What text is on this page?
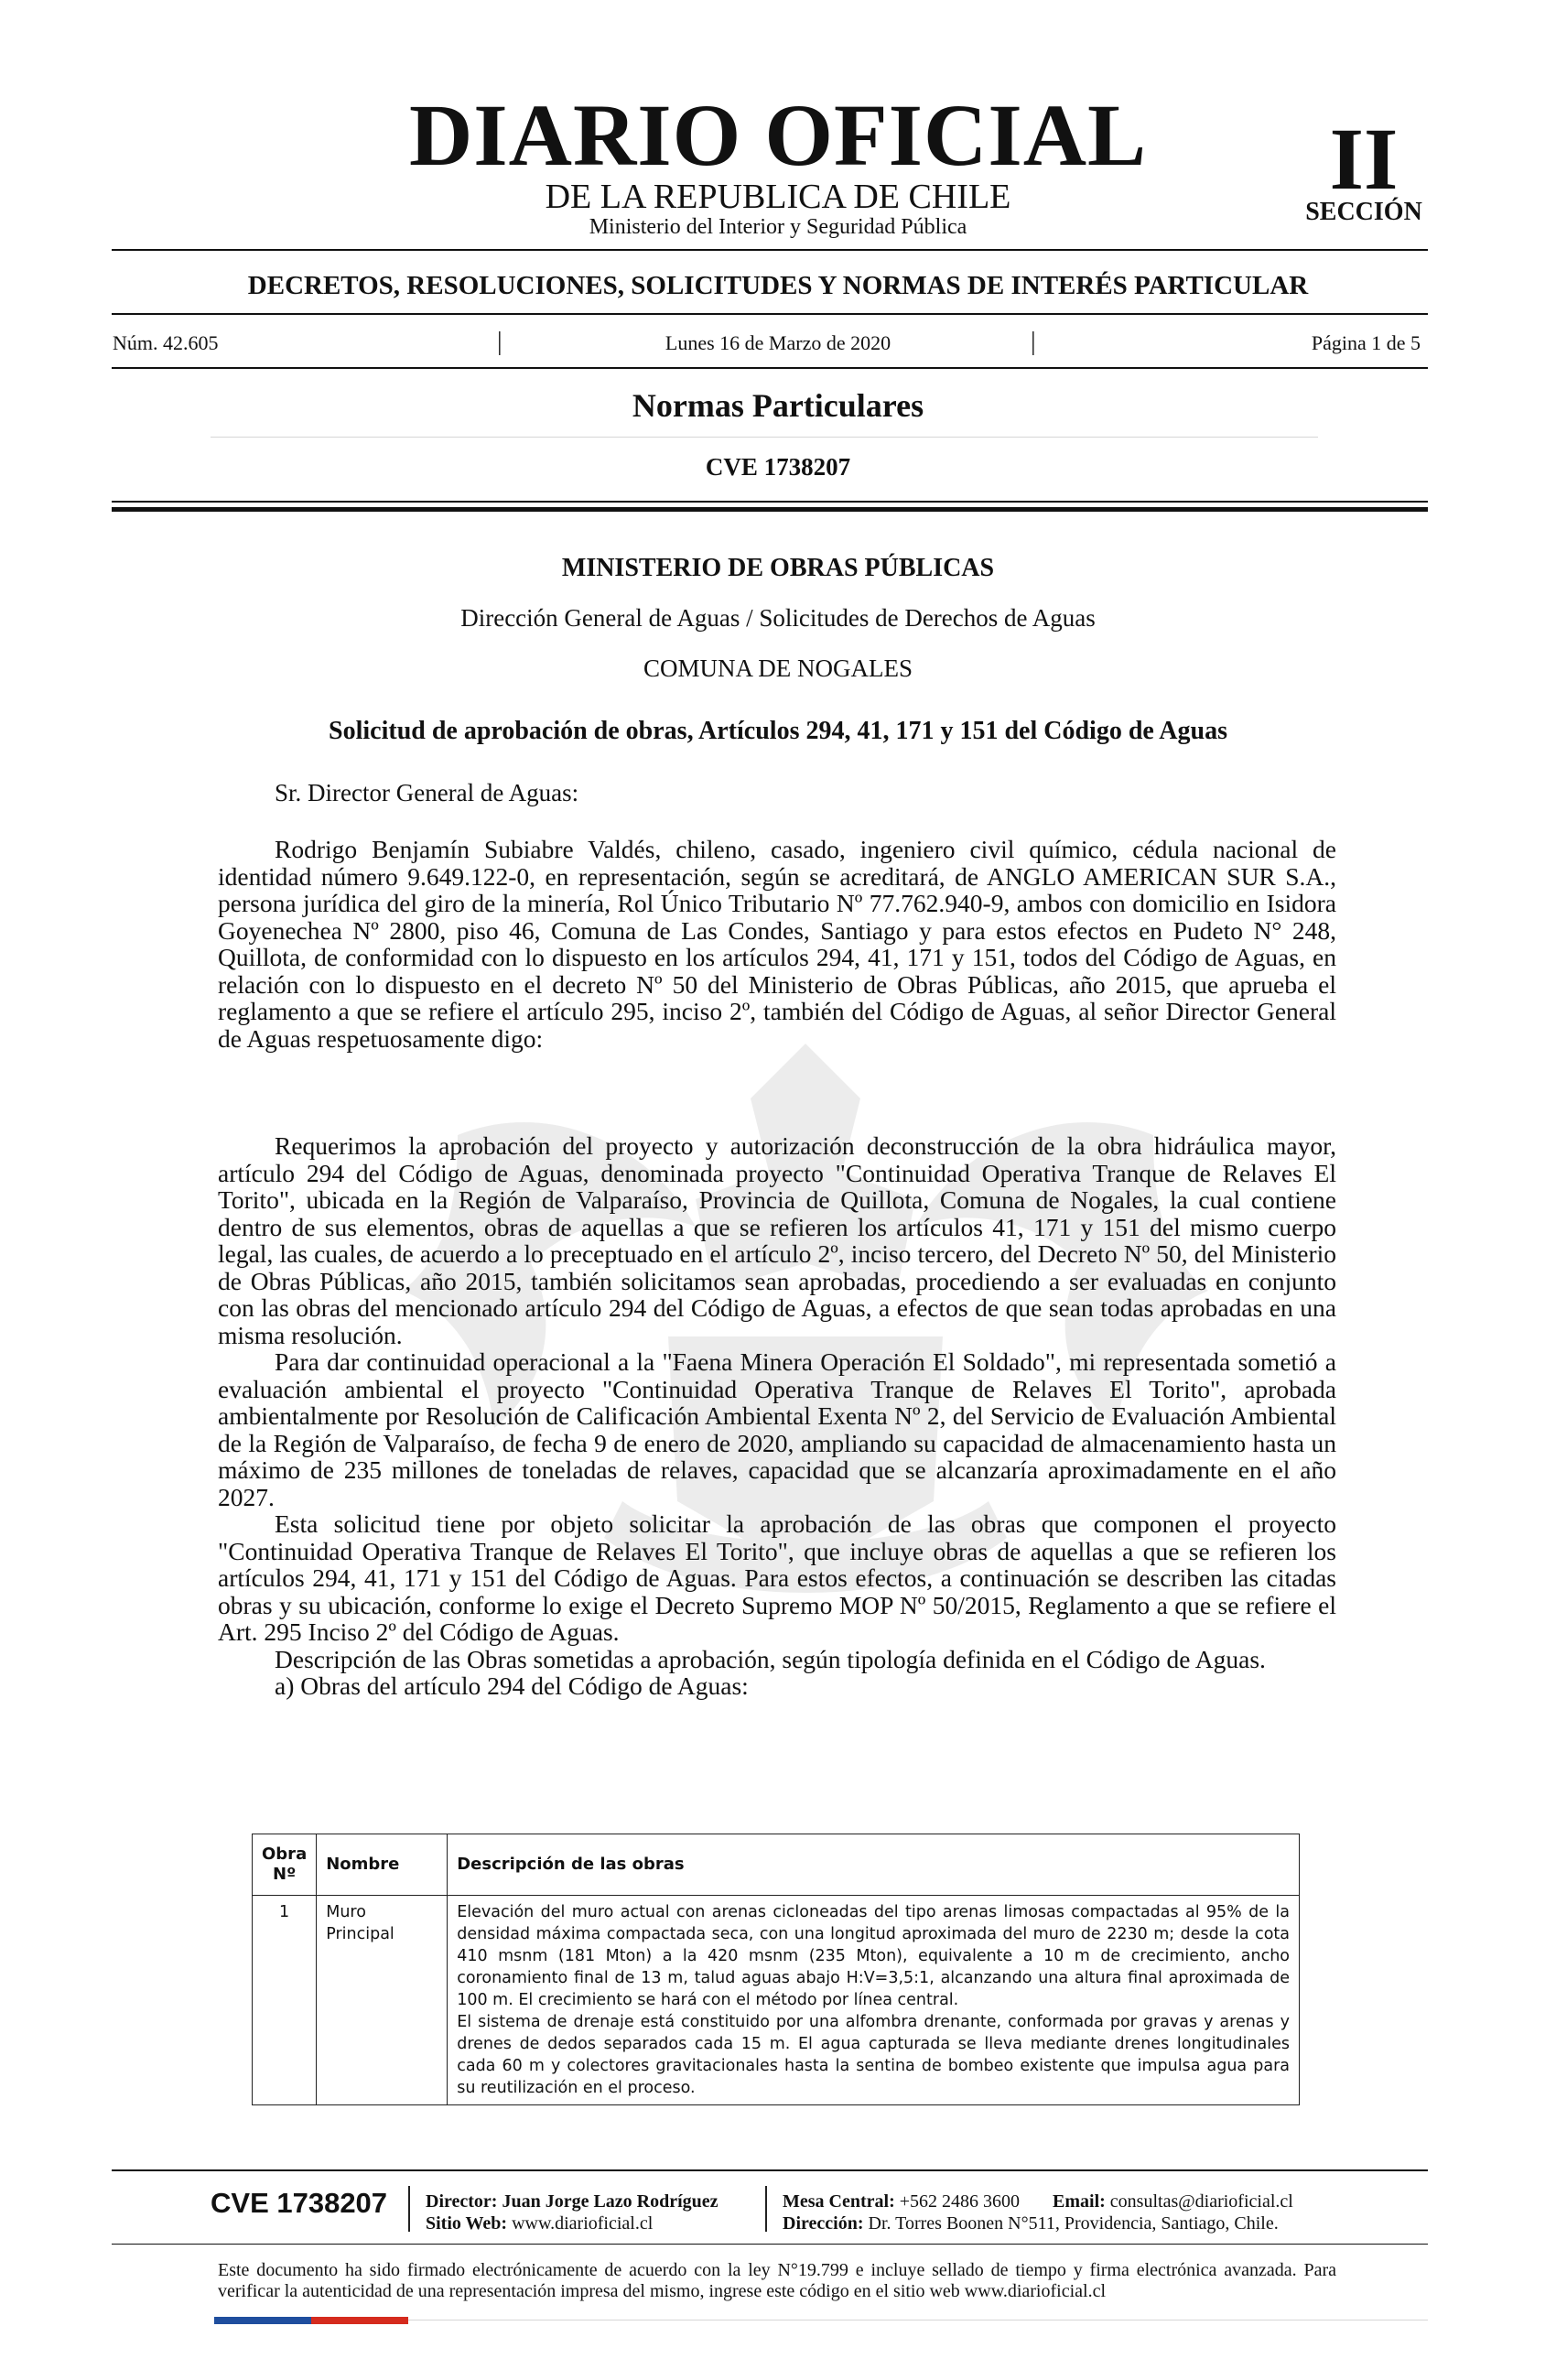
DIARIO OFICIAL
DE LA REPUBLICA DE CHILE
Ministerio del Interior y Seguridad Pública
II
SECCIÓN
DECRETOS, RESOLUCIONES, SOLICITUDES Y NORMAS DE INTERÉS PARTICULAR
Núm. 42.605	|	Lunes 16 de Marzo de 2020	|	Página 1 de 5
Normas Particulares
CVE 1738207
MINISTERIO DE OBRAS PÚBLICAS
Dirección General de Aguas / Solicitudes de Derechos de Aguas
COMUNA DE NOGALES
Solicitud de aprobación de obras, Artículos 294, 41, 171 y 151 del Código de Aguas
Sr. Director General de Aguas:

Rodrigo Benjamín Subiabre Valdés, chileno, casado, ingeniero civil químico, cédula nacional de identidad número 9.649.122-0, en representación, según se acreditará, de ANGLO AMERICAN SUR S.A., persona jurídica del giro de la minería, Rol Único Tributario Nº 77.762.940-9, ambos con domicilio en Isidora Goyenechea Nº 2800, piso 46, Comuna de Las Condes, Santiago y para estos efectos en Pudeto N° 248, Quillota, de conformidad con lo dispuesto en los artículos 294, 41, 171 y 151, todos del Código de Aguas, en relación con lo dispuesto en el decreto Nº 50 del Ministerio de Obras Públicas, año 2015, que aprueba el reglamento a que se refiere el artículo 295, inciso 2º, también del Código de Aguas, al señor Director General de Aguas respetuosamente digo:

Requerimos la aprobación del proyecto y autorización deconstrucción de la obra hidráulica mayor, artículo 294 del Código de Aguas, denominada proyecto "Continuidad Operativa Tranque de Relaves El Torito", ubicada en la Región de Valparaíso, Provincia de Quillota, Comuna de Nogales, la cual contiene dentro de sus elementos, obras de aquellas a que se refieren los artículos 41, 171 y 151 del mismo cuerpo legal, las cuales, de acuerdo a lo preceptuado en el artículo 2º, inciso tercero, del Decreto Nº 50, del Ministerio de Obras Públicas, año 2015, también solicitamos sean aprobadas, procediendo a ser evaluadas en conjunto con las obras del mencionado artículo 294 del Código de Aguas, a efectos de que sean todas aprobadas en una misma resolución.

Para dar continuidad operacional a la "Faena Minera Operación El Soldado", mi representada sometió a evaluación ambiental el proyecto "Continuidad Operativa Tranque de Relaves El Torito", aprobada ambientalmente por Resolución de Calificación Ambiental Exenta Nº 2, del Servicio de Evaluación Ambiental de la Región de Valparaíso, de fecha 9 de enero de 2020, ampliando su capacidad de almacenamiento hasta un máximo de 235 millones de toneladas de relaves, capacidad que se alcanzaría aproximadamente en el año 2027.

Esta solicitud tiene por objeto solicitar la aprobación de las obras que componen el proyecto "Continuidad Operativa Tranque de Relaves El Torito", que incluye obras de aquellas a que se refieren los artículos 294, 41, 171 y 151 del Código de Aguas. Para estos efectos, a continuación se describen las citadas obras y su ubicación, conforme lo exige el Decreto Supremo MOP Nº 50/2015, Reglamento a que se refiere el Art. 295 Inciso 2º del Código de Aguas.

Descripción de las Obras sometidas a aprobación, según tipología definida en el Código de Aguas.

a) Obras del artículo 294 del Código de Aguas:

Obra Nº	Nombre	Descripción de las obras
1	Muro Principal	Elevación del muro actual con arenas cicloneadas del tipo arenas limosas compactadas al 95% de la densidad máxima compactada seca, con una longitud aproximada del muro de 2230 m; desde la cota 410 msnm (181 Mton) a la 420 msnm (235 Mton), equivalente a 10 m de crecimiento, ancho coronamiento final de 13 m, talud aguas abajo H:V=3,5:1, alcanzando una altura final aproximada de 100 m. El crecimiento se hará con el método por línea central.
El sistema de drenaje está constituido por una alfombra drenante, conformada por gravas y arenas y drenes de dedos separados cada 15 m. El agua capturada se lleva mediante drenes longitudinales cada 60 m y colectores gravitacionales hasta la sentina de bombeo existente que impulsa agua para su reutilización en el proceso.
CVE 1738207 Director: Juan Jorge Lazo Rodríguez
Sitio Web: www.diarioficial.cl
Mesa Central: +562 2486 3600 Email: consultas@diarioficial.cl
Dirección: Dr. Torres Boonen N°511, Providencia, Santiago, Chile.

Este documento ha sido firmado electrónicamente de acuerdo con la ley N°19.799 e incluye sellado de tiempo y firma electrónica avanzada. Para verificar la autenticidad de una representación impresa del mismo, ingrese este código en el sitio web www.diarioficial.cl
